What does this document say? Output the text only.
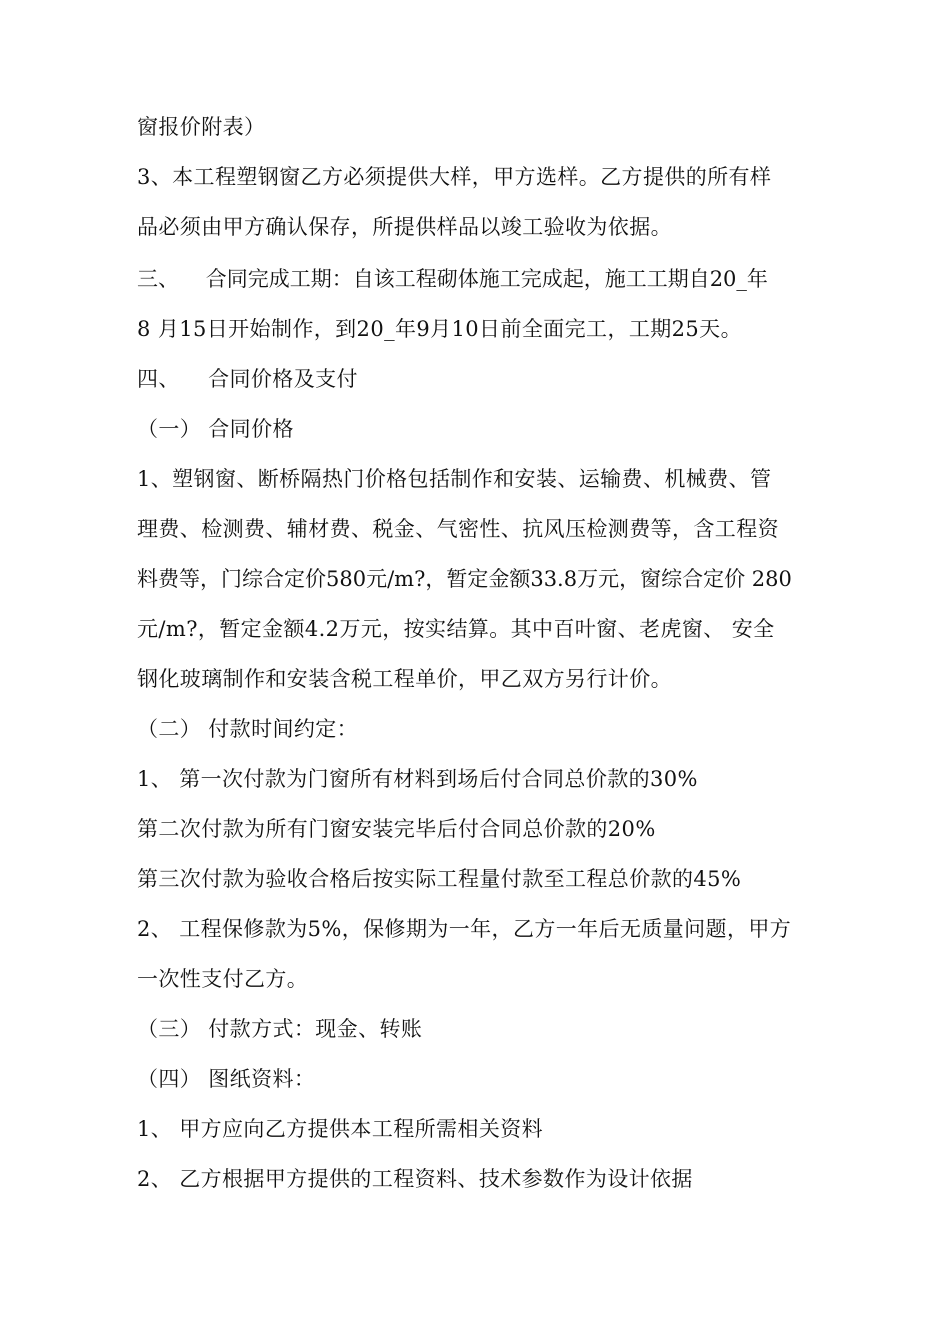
窗报价附表）
3、本工程塑钢窗乙方必须提供大样，甲方选样。乙方提供的所有样
品必须由甲方确认保存，所提供样品以竣工验收为依据。
三、    合同完成工期：自该工程砌体施工完成起，施工工期自20_年
8 月15日开始制作，到20_年9月10日前全面完工，工期25天。
四、    合同价格及支付
（一） 合同价格
1、塑钢窗、断桥隔热门价格包括制作和安装、运输费、机械费、管
理费、检测费、辅材费、税金、气密性、抗风压检测费等，含工程资
料费等，门综合定价580元/m?，暂定金额33.8万元，窗综合定价 280
元/m?，暂定金额4.2万元，按实结算。其中百叶窗、老虎窗、 安全
钢化玻璃制作和安装含税工程单价，甲乙双方另行计价。
（二） 付款时间约定：
1、 第一次付款为门窗所有材料到场后付合同总价款的30%
第二次付款为所有门窗安装完毕后付合同总价款的20%
第三次付款为验收合格后按实际工程量付款至工程总价款的45%
2、 工程保修款为5%，保修期为一年，乙方一年后无质量问题，甲方
一次性支付乙方。
（三） 付款方式：现金、转账
（四） 图纸资料：
1、 甲方应向乙方提供本工程所需相关资料
2、 乙方根据甲方提供的工程资料、技术参数作为设计依据
